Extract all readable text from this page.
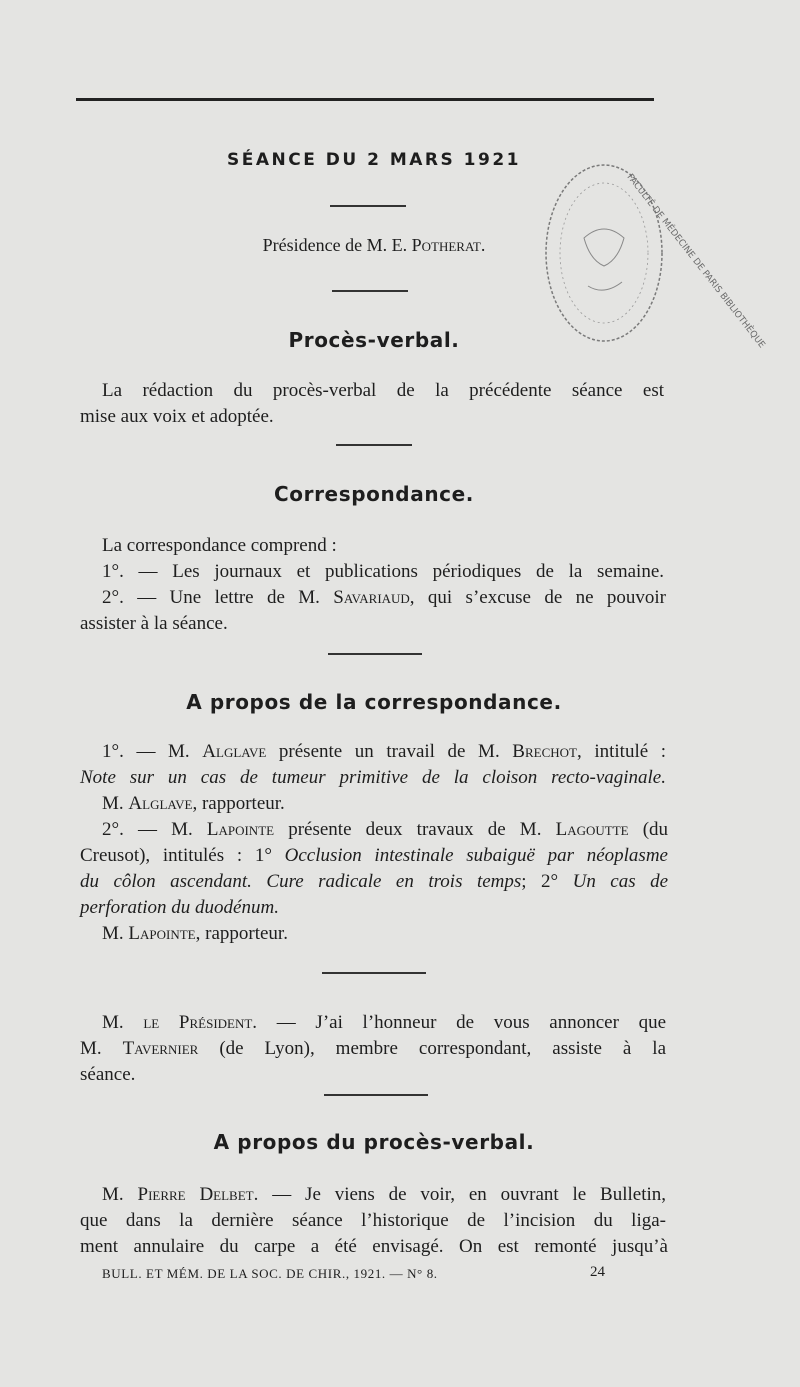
SÉANCE DU 2 MARS 1921
Présidence de M. E. Potherat.	FACULTÉ DE MÉDECINE DE PARIS BIBLIOTHÈQUE
Procès-verbal.
La rédaction du procès-verbal de la précédente séance est
mise aux voix et adoptée.
Correspondance.
La correspondance comprend :
1°. — Les journaux et publications périodiques de la semaine.
2°. — Une lettre de M. Savariaud, qui s’excuse de ne pouvoir
assister à la séance.
A propos de la correspondance.
1°. — M. Alglave présente un travail de M. Brechot, intitulé :
Note sur un cas de tumeur primitive de la cloison recto-vaginale.
M. Alglave, rapporteur.
2°. — M. Lapointe présente deux travaux de M. Lagoutte (du
Creusot), intitulés : 1° Occlusion intestinale subaiguë par néoplasme
du côlon ascendant. Cure radicale en trois temps; 2° Un cas de
perforation du duodénum.
M. Lapointe, rapporteur.
M. le Président. — J’ai l’honneur de vous annoncer que
M. Tavernier (de Lyon), membre correspondant, assiste à la
séance.
A propos du procès-verbal.
M. Pierre Delbet. — Je viens de voir, en ouvrant le Bulletin,
que dans la dernière séance l’historique de l’incision du liga-
ment annulaire du carpe a été envisagé. On est remonté jusqu’à
BULL. ET MÉM. DE LA SOC. DE CHIR., 1921. — N° 8.	24
